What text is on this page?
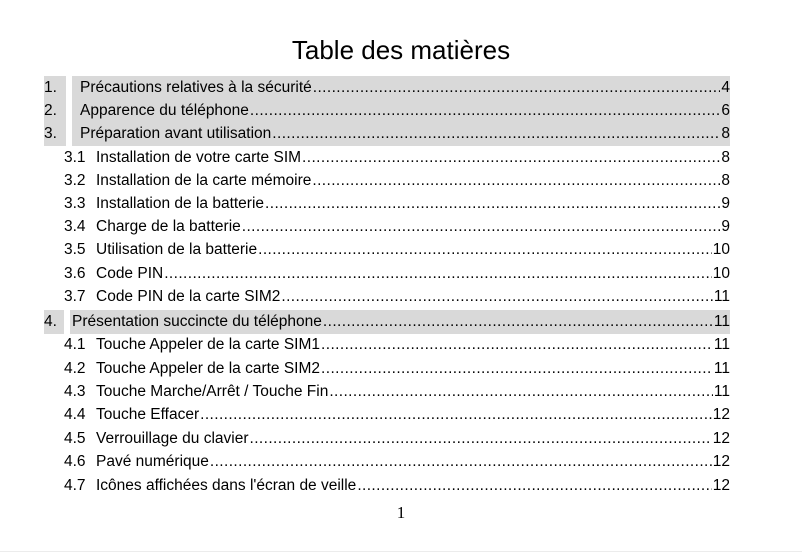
Table des matières
1. Précautions relatives à la sécurité .....	4
2. Apparence du téléphone .....	6
3. Préparation avant utilisation .....	8
3.1 Installation de votre carte SIM .....	8
3.2 Installation de la carte mémoire .....	8
3.3 Installation de la batterie .....	9
3.4 Charge de la batterie .....	9
3.5 Utilisation de la batterie .....	10
3.6 Code PIN .....	10
3.7 Code PIN de la carte SIM2 .....	11
4. Présentation succincte du téléphone .....	11
4.1 Touche Appeler de la carte SIM1 .....	11
4.2 Touche Appeler de la carte SIM2 .....	11
4.3 Touche Marche/Arrêt / Touche Fin .....	11
4.4 Touche Effacer .....	12
4.5 Verrouillage du clavier .....	12
4.6 Pavé numérique .....	12
4.7 Icônes affichées dans l'écran de veille .....	12
1
